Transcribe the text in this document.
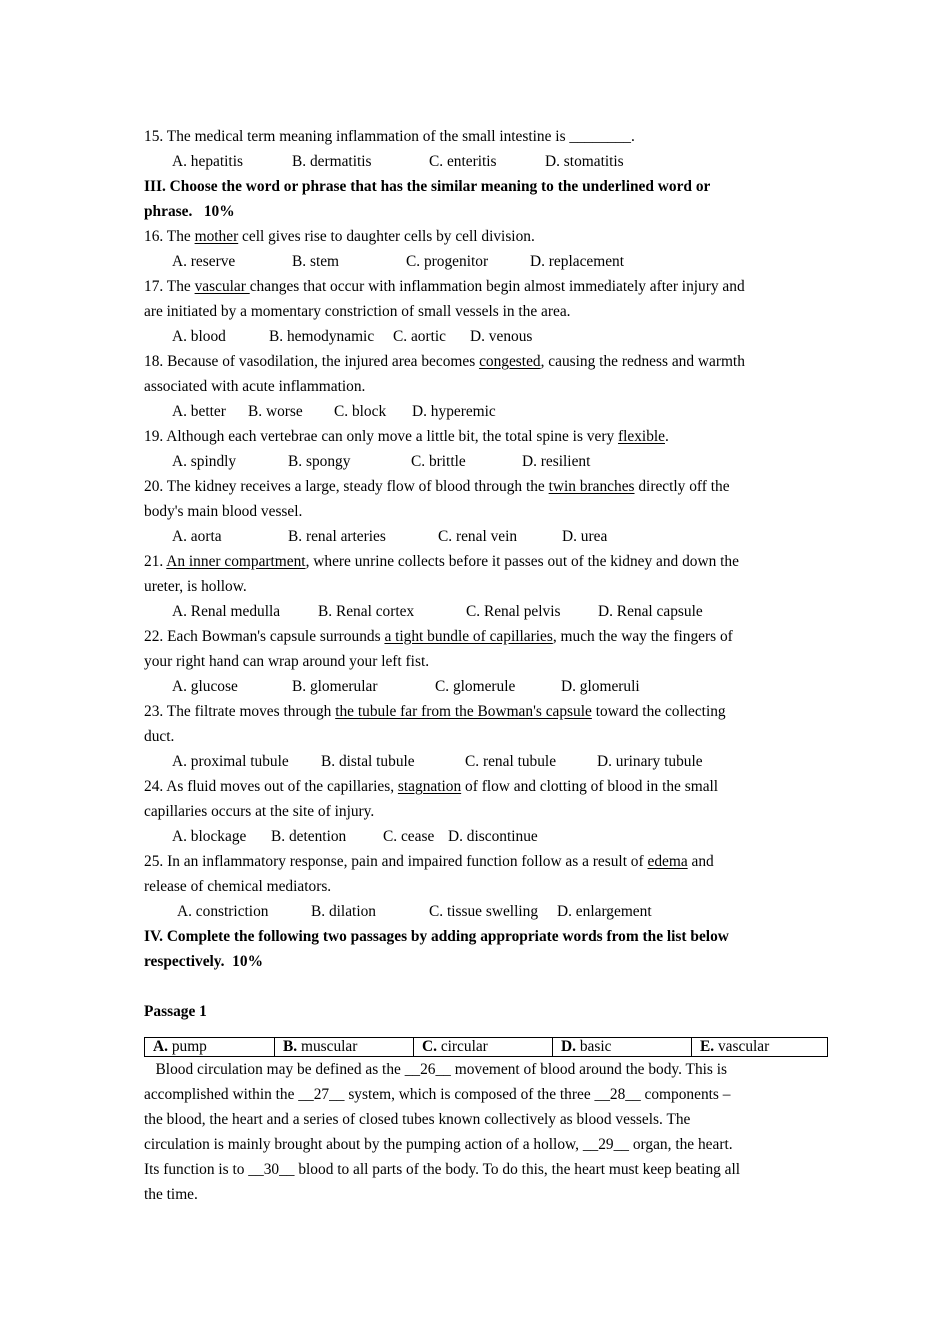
15. The medical term meaning inflammation of the small intestine is ________.
A. hepatitis	B. dermatitis	C. enteritis	D. stomatitis
III. Choose the word or phrase that has the similar meaning to the underlined word or
phrase.   10%
16. The mother cell gives rise to daughter cells by cell division.
A. reserve	B. stem	C. progenitor	D. replacement
17. The vascular changes that occur with inflammation begin almost immediately after injury and
are initiated by a momentary constriction of small vessels in the area.
A. blood	B. hemodynamic C. aortic D. venous
18. Because of vasodilation, the injured area becomes congested, causing the redness and warmth
associated with acute inflammation.
A. better B. worse C. block D. hyperemic
19. Although each vertebrae can only move a little bit, the total spine is very flexible.
A. spindly	B. spongy	C. brittle	D. resilient
20. The kidney receives a large, steady flow of blood through the twin branches directly off the
body's main blood vessel.
A. aorta	B. renal arteries	C. renal vein	D. urea
21. An inner compartment, where unrine collects before it passes out of the kidney and down the
ureter, is hollow.
A. Renal medulla B. Renal cortex	C. Renal pelvis D. Renal capsule
22. Each Bowman's capsule surrounds a tight bundle of capillaries, much the way the fingers of
your right hand can wrap around your left fist.
A. glucose	B. glomerular	C. glomerule	D. glomeruli
23. The filtrate moves through the tubule far from the Bowman's capsule toward the collecting
duct.
A. proximal tubule B. distal tubule	C. renal tubule	D. urinary tubule
24. As fluid moves out of the capillaries, stagnation of flow and clotting of blood in the small
capillaries occurs at the site of injury.
A. blockage B. detention C. cease D. discontinue
25. In an inflammatory response, pain and impaired function follow as a result of edema and
release of chemical mediators.
A. constriction	B. dilation	C. tissue swelling D. enlargement
IV. Complete the following two passages by adding appropriate words from the list below
respectively.  10%
Passage 1
A. pump	B. muscular	C. circular	D. basic	E. vascular
Blood circulation may be defined as the __26__ movement of blood around the body. This is
accomplished within the __27__ system, which is composed of the three __28__ components –
the blood, the heart and a series of closed tubes known collectively as blood vessels. The
circulation is mainly brought about by the pumping action of a hollow, __29__ organ, the heart.
Its function is to __30__ blood to all parts of the body. To do this, the heart must keep beating all
the time.
